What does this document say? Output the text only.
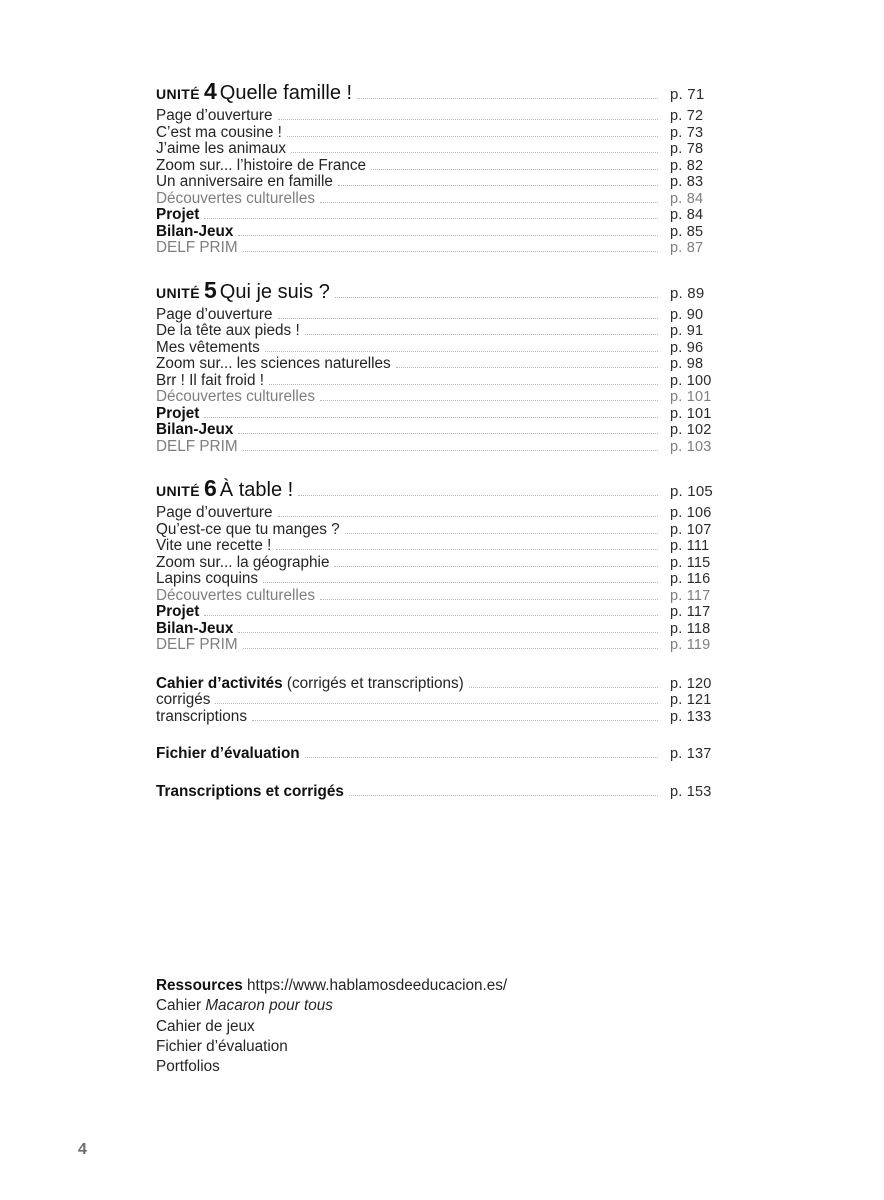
UNITÉ 4 Quelle famille !	p. 71
Page d’ouverture	p. 72
C’est ma cousine !	p. 73
J’aime les animaux	p. 78
Zoom sur... l’histoire de France	p. 82
Un anniversaire en famille	p. 83
Découvertes culturelles	p. 84
Projet	p. 84
Bilan-Jeux	p. 85
DELF PRIM	p. 87
UNITÉ 5 Qui je suis ?	p. 89
Page d’ouverture	p. 90
De la tête aux pieds !	p. 91
Mes vêtements	p. 96
Zoom sur... les sciences naturelles	p. 98
Brr ! Il fait froid !	p. 100
Découvertes culturelles	p. 101
Projet	p. 101
Bilan-Jeux	p. 102
DELF PRIM	p. 103
UNITÉ 6 À table !	p. 105
Page d’ouverture	p. 106
Qu’est-ce que tu manges ?	p. 107
Vite une recette !	p. 111
Zoom sur... la géographie	p. 115
Lapins coquins	p. 116
Découvertes culturelles	p. 117
Projet	p. 117
Bilan-Jeux	p. 118
DELF PRIM	p. 119
Cahier d’activités (corrigés et transcriptions)	p. 120
corrigés	p. 121
transcriptions	p. 133
Fichier d’évaluation	p. 137
Transcriptions et corrigés	p. 153
Ressources https://www.hablamosdeeducacion.es/
Cahier Macaron pour tous
Cahier de jeux
Fichier d’évaluation
Portfolios
4
